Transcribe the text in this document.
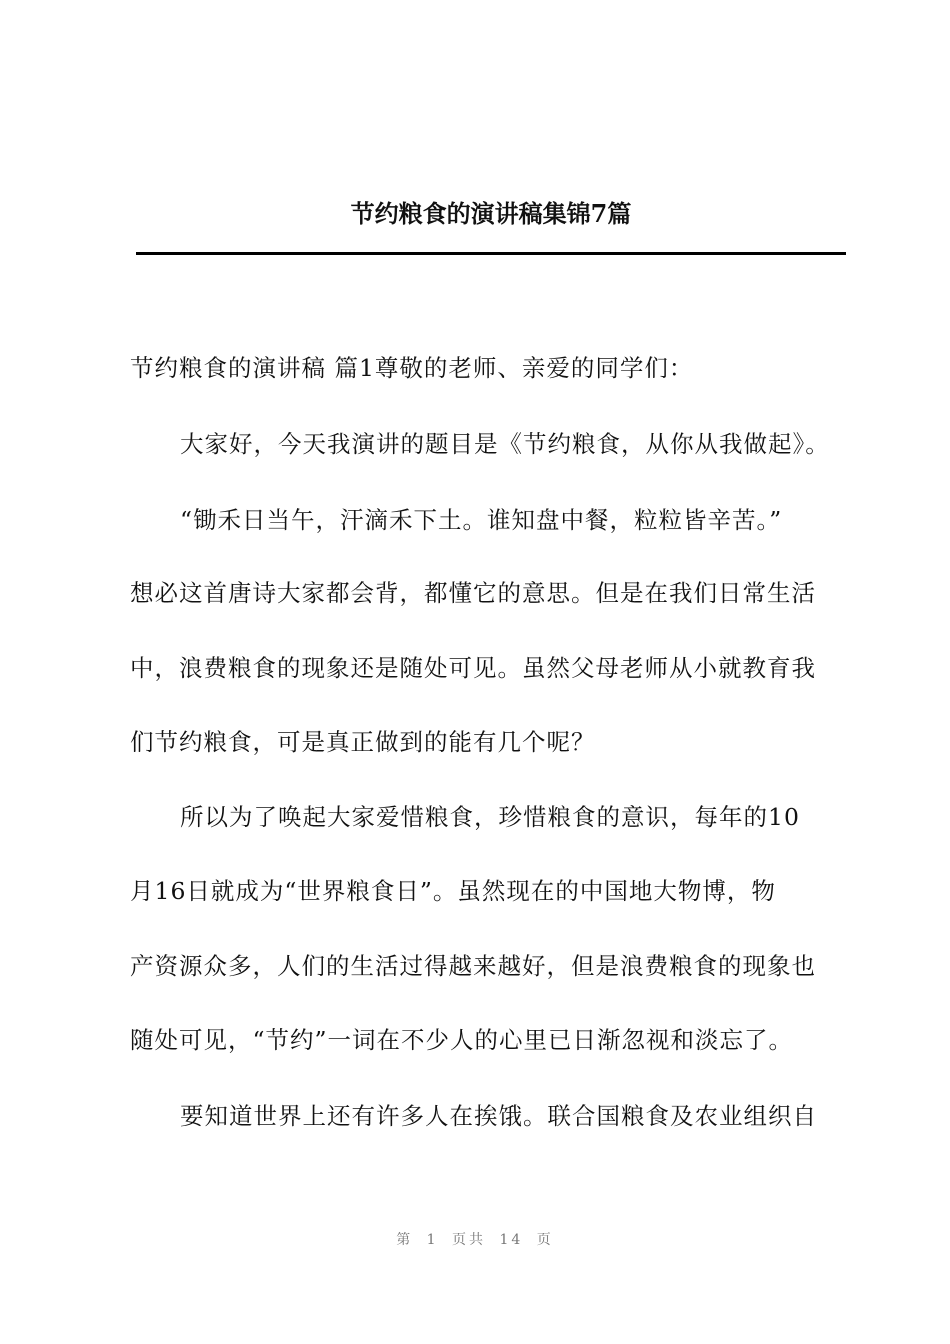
节约粮食的演讲稿集锦7篇
节约粮食的演讲稿 篇1尊敬的老师、亲爱的同学们：
大家好，今天我演讲的题目是《节约粮食，从你从我做起》。
“锄禾日当午，汗滴禾下土。谁知盘中餐，粒粒皆辛苦。”
想必这首唐诗大家都会背，都懂它的意思。但是在我们日常生活
中，浪费粮食的现象还是随处可见。虽然父母老师从小就教育我
们节约粮食，可是真正做到的能有几个呢？
所以为了唤起大家爱惜粮食，珍惜粮食的意识，每年的10
月16日就成为“世界粮食日”。虽然现在的中国地大物博，物
产资源众多，人们的生活过得越来越好，但是浪费粮食的现象也
随处可见，“节约”一词在不少人的心里已日渐忽视和淡忘了。
要知道世界上还有许多人在挨饿。联合国粮食及农业组织自
第 1 页共 14 页
